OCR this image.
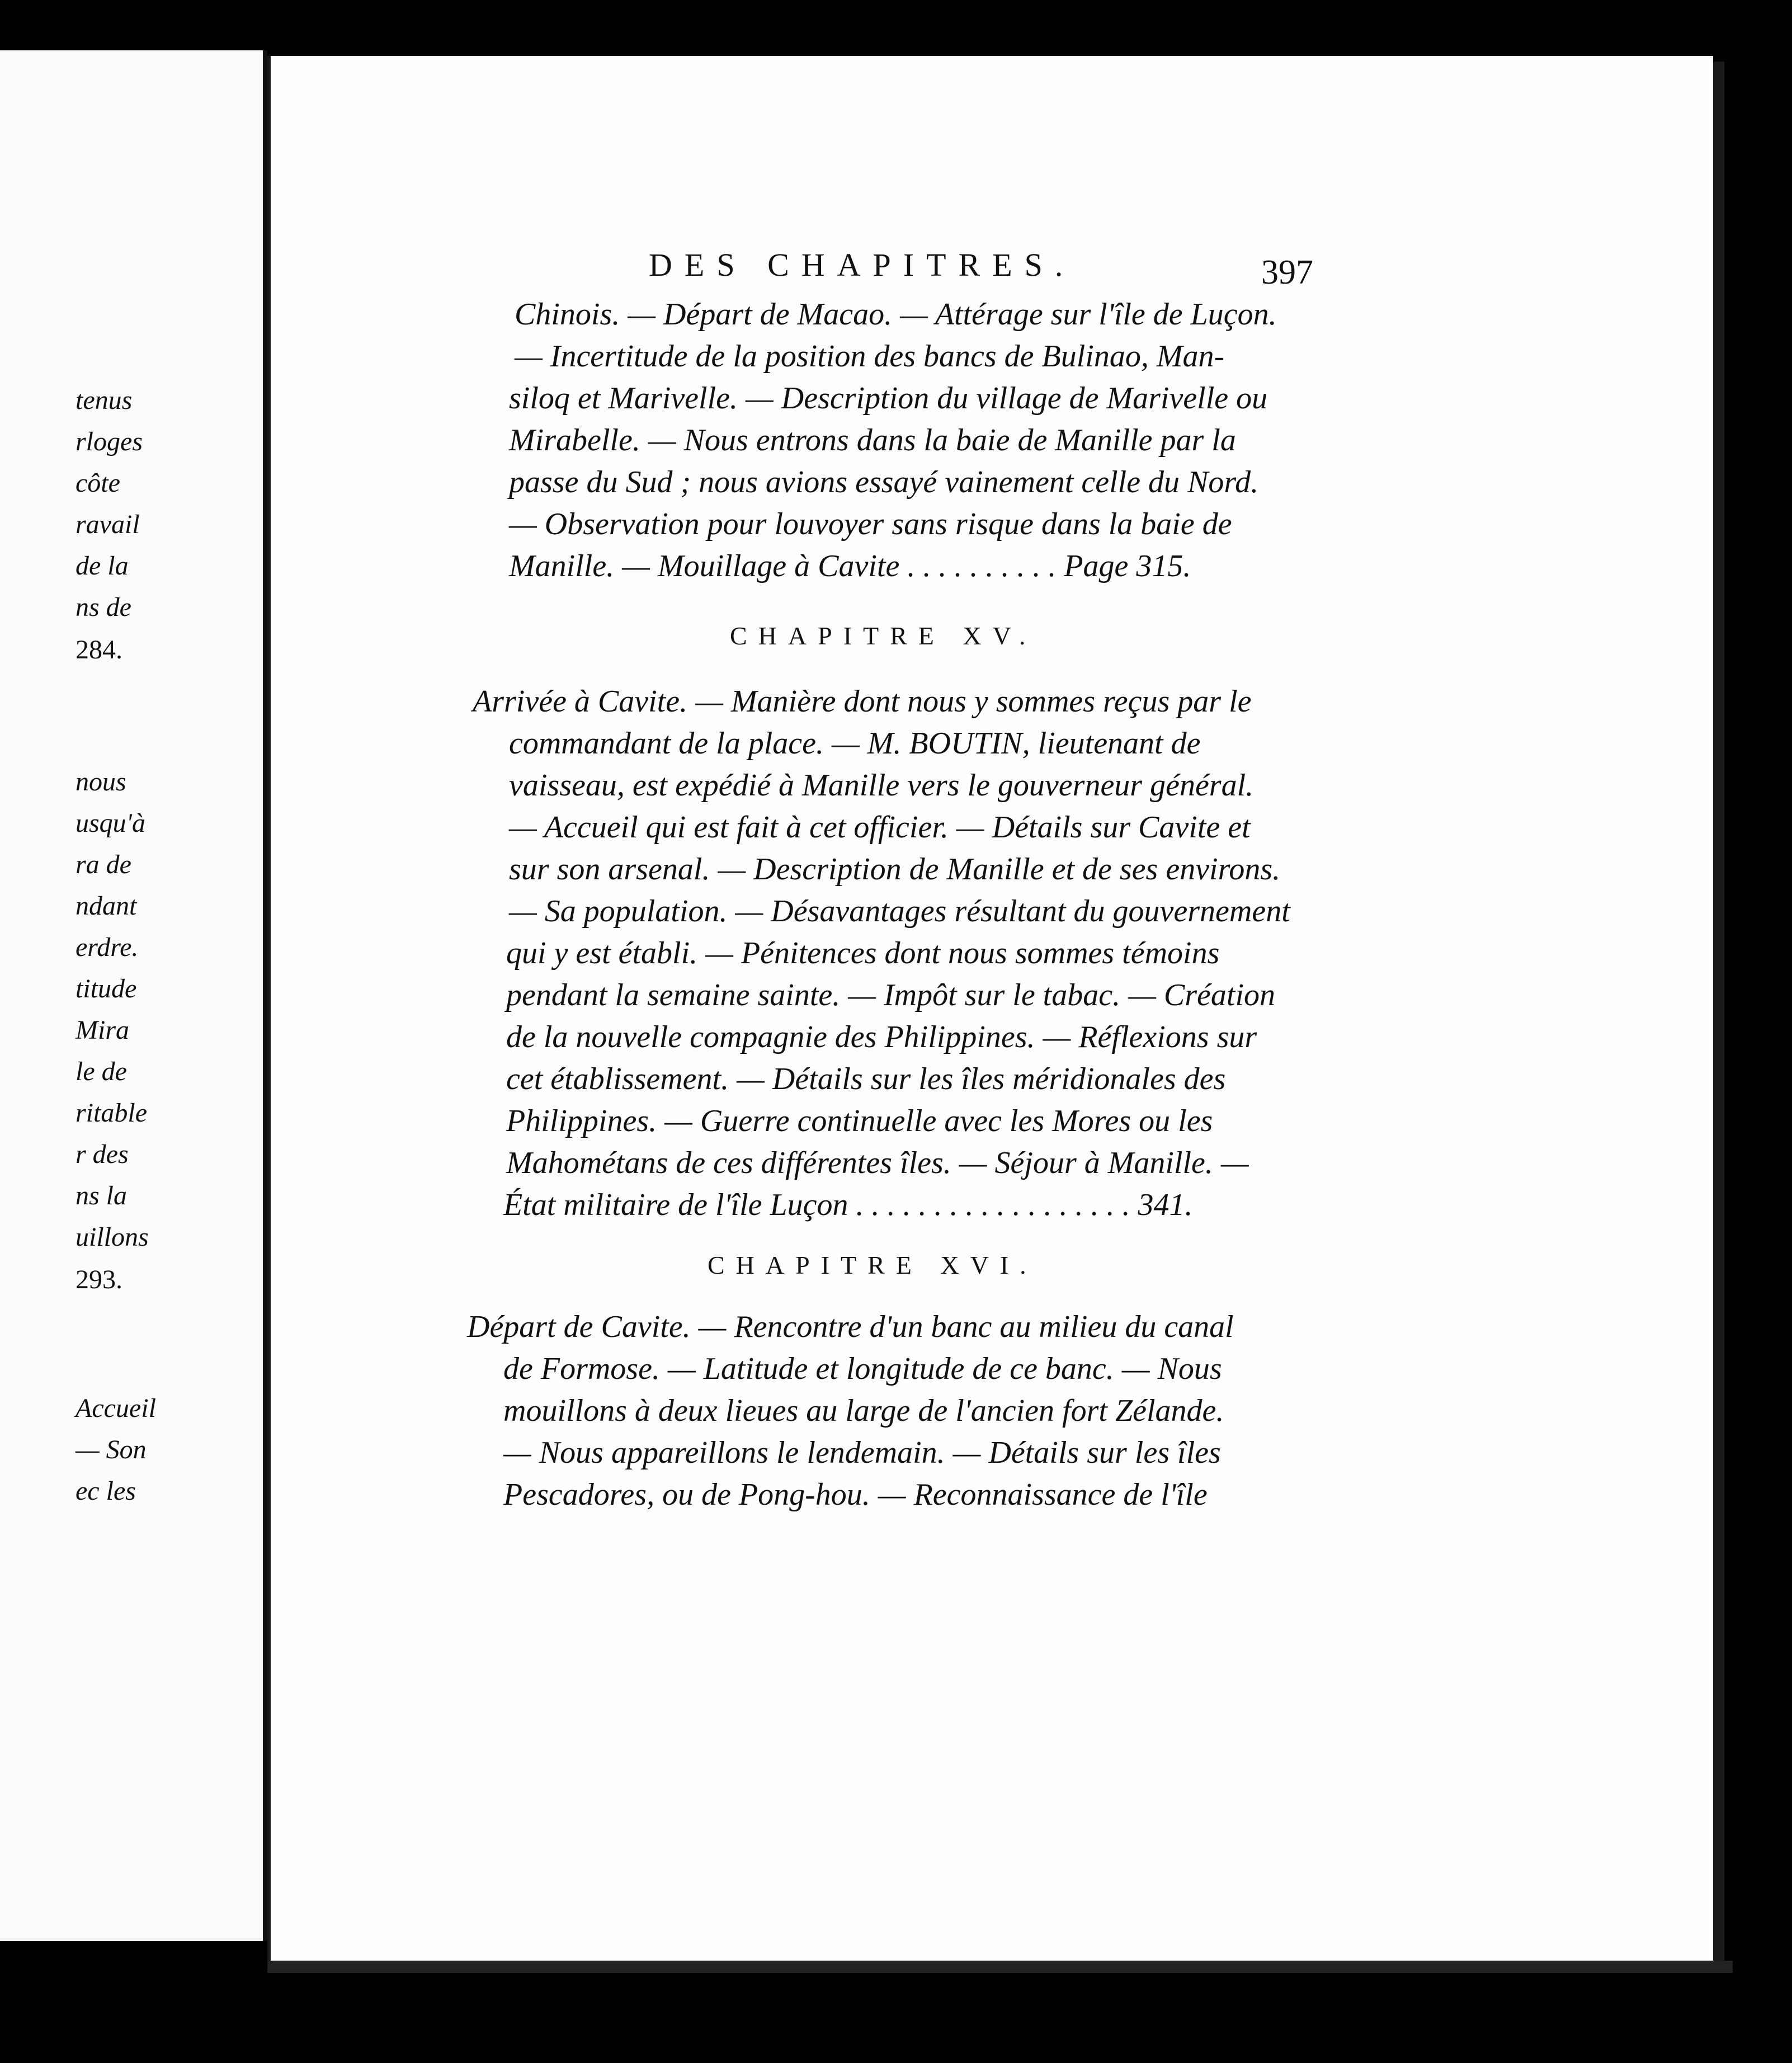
tenus
rloges
côte
ravail
de la
ns de
284.
nous
usqu'à
ra de
ndant
erdre.
titude
Mira
le de
ritable
r des
ns la
uillons
293.
Accueil
— Son
ec les
DES CHAPITRES.	397
Chinois. — Départ de Macao. — Attérage sur l'île de Luçon.
— Incertitude de la position des bancs de Bulinao, Man-
siloq et Marivelle. — Description du village de Marivelle ou
Mirabelle. — Nous entrons dans la baie de Manille par la
passe du Sud ; nous avions essayé vainement celle du Nord.
— Observation pour louvoyer sans risque dans la baie de
Manille. — Mouillage à Cavite . . . . . . . . . . Page 315.
CHAPITRE XV.
Arrivée à Cavite. — Manière dont nous y sommes reçus par le
commandant de la place. — M. BOUTIN, lieutenant de
vaisseau, est expédié à Manille vers le gouverneur général.
— Accueil qui est fait à cet officier. — Détails sur Cavite et
sur son arsenal. — Description de Manille et de ses environs.
— Sa population. — Désavantages résultant du gouvernement
qui y est établi. — Pénitences dont nous sommes témoins
pendant la semaine sainte. — Impôt sur le tabac. — Création
de la nouvelle compagnie des Philippines. — Réflexions sur
cet établissement. — Détails sur les îles méridionales des
Philippines. — Guerre continuelle avec les Mores ou les
Mahométans de ces différentes îles. — Séjour à Manille. —
État militaire de l'île Luçon . . . . . . . . . . . . . . . . . . 341.
CHAPITRE XVI.
Départ de Cavite. — Rencontre d'un banc au milieu du canal
de Formose. — Latitude et longitude de ce banc. — Nous
mouillons à deux lieues au large de l'ancien fort Zélande.
— Nous appareillons le lendemain. — Détails sur les îles
Pescadores, ou de Pong-hou. — Reconnaissance de l'île
